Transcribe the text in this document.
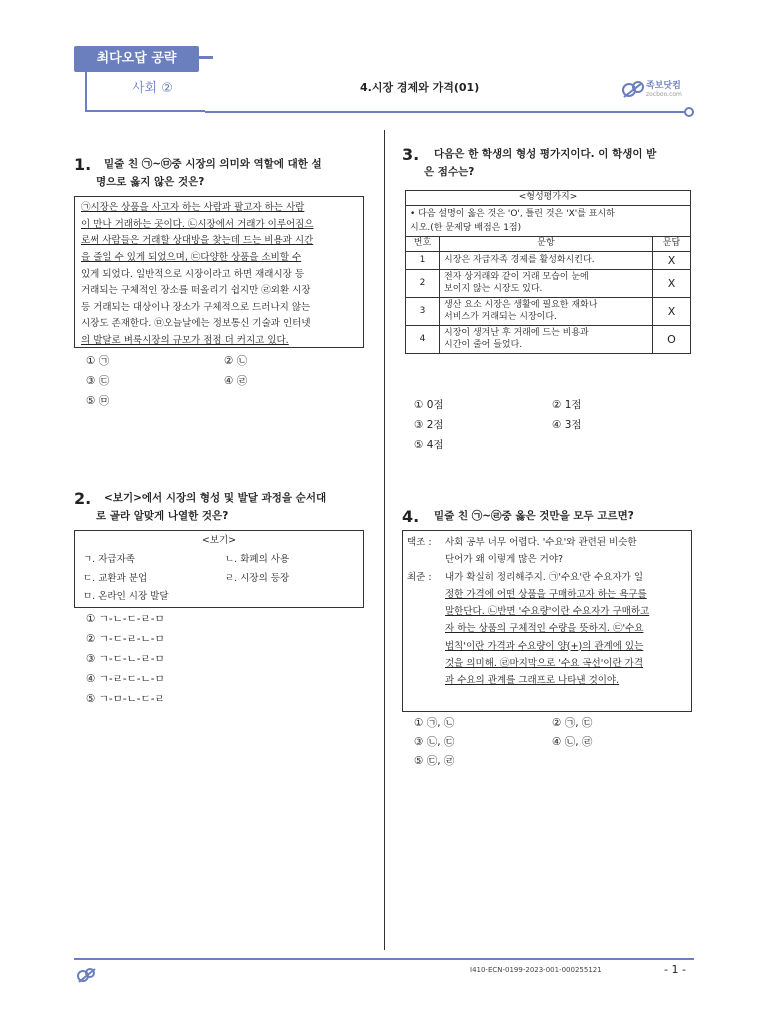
최다오답 공략
사회 ②	4.시장 경제와 가격(01)	족보닷컴
zocboo.com
1. 밑줄 친 ㉠~㉤중 시장의 의미와 역할에 대한 설
명으로 옳지 않은 것은?
㉠시장은 상품을 사고자 하는 사람과 팔고자 하는 사람
이 만나 거래하는 곳이다. ㉡시장에서 거래가 이루어짐으
로써 사람들은 거래할 상대방을 찾는데 드는 비용과 시간
을 줄일 수 있게 되었으며, ㉢다양한 상품을 소비할 수
있게 되었다. 일반적으로 시장이라고 하면 재래시장 등
거래되는 구체적인 장소를 떠올리기 쉽지만 ㉣외환 시장
등 거래되는 대상이나 장소가 구체적으로 드러나지 않는
시장도 존재한다. ㉤오늘날에는 정보통신 기술과 인터넷
의 발달로 벼룩시장의 규모가 점점 더 커지고 있다.
① ㉠	② ㉡
③ ㉢	④ ㉣
⑤ ㉤
2. <보기>에서 시장의 형성 및 발달 과정을 순서대
로 골라 알맞게 나열한 것은?
<보기>
ㄱ. 자급자족	ㄴ. 화폐의 사용
ㄷ. 교환과 분업	ㄹ. 시장의 등장
ㅁ. 온라인 시장 발달
① ㄱ-ㄴ-ㄷ-ㄹ-ㅁ
② ㄱ-ㄷ-ㄹ-ㄴ-ㅁ
③ ㄱ-ㄷ-ㄴ-ㄹ-ㅁ
④ ㄱ-ㄹ-ㄷ-ㄴ-ㅁ
⑤ ㄱ-ㅁ-ㄴ-ㄷ-ㄹ
3. 다음은 한 학생의 형성 평가지이다. 이 학생이 받
은 점수는?
<형성평가지>		

• 다음 설명이 옳은 것은 'O', 틀린 것은 'X'를 표시하
시오.(한 문제당 배점은 1점)		

번호	문항	문답
1	시장은 자급자족 경제를 활성화시킨다.	X
2	전자 상거래와 같이 거래 모습이 눈에
보이지 않는 시장도 있다.	X
3	생산 요소 시장은 생활에 필요한 재화나
서비스가 거래되는 시장이다.	X
4	시장이 생겨난 후 거래에 드는 비용과
시간이 줄어 들었다.	O
① 0점	② 1점
③ 2점	④ 3점
⑤ 4점
4. 밑줄 친 ㉠~㉣중 옳은 것만을 모두 고르면?
택조 :	사회 공부 너무 어렵다. '수요'와 관련된 비슷한
단어가 왜 이렇게 많은 거야?
최준 :	내가 확실히 정리해주지. ㉠'수요'란 수요자가 일
정한 가격에 어떤 상품을 구매하고자 하는 욕구를
말한단다. ㉡반면 '수요량'이란 수요자가 구매하고
자 하는 상품의 구체적인 수량을 뜻하지. ㉢'수요
법칙'이란 가격과 수요량이 양(+)의 관계에 있는
것을 의미해. ㉣마지막으로 '수요 곡선'이란 가격
과 수요의 관계를 그래프로 나타낸 것이야.
① ㉠, ㉡	② ㉠, ㉢
③ ㉡, ㉢	④ ㉡, ㉣
⑤ ㉢, ㉣
I410-ECN-0199-2023-001-000255121	- 1 -
